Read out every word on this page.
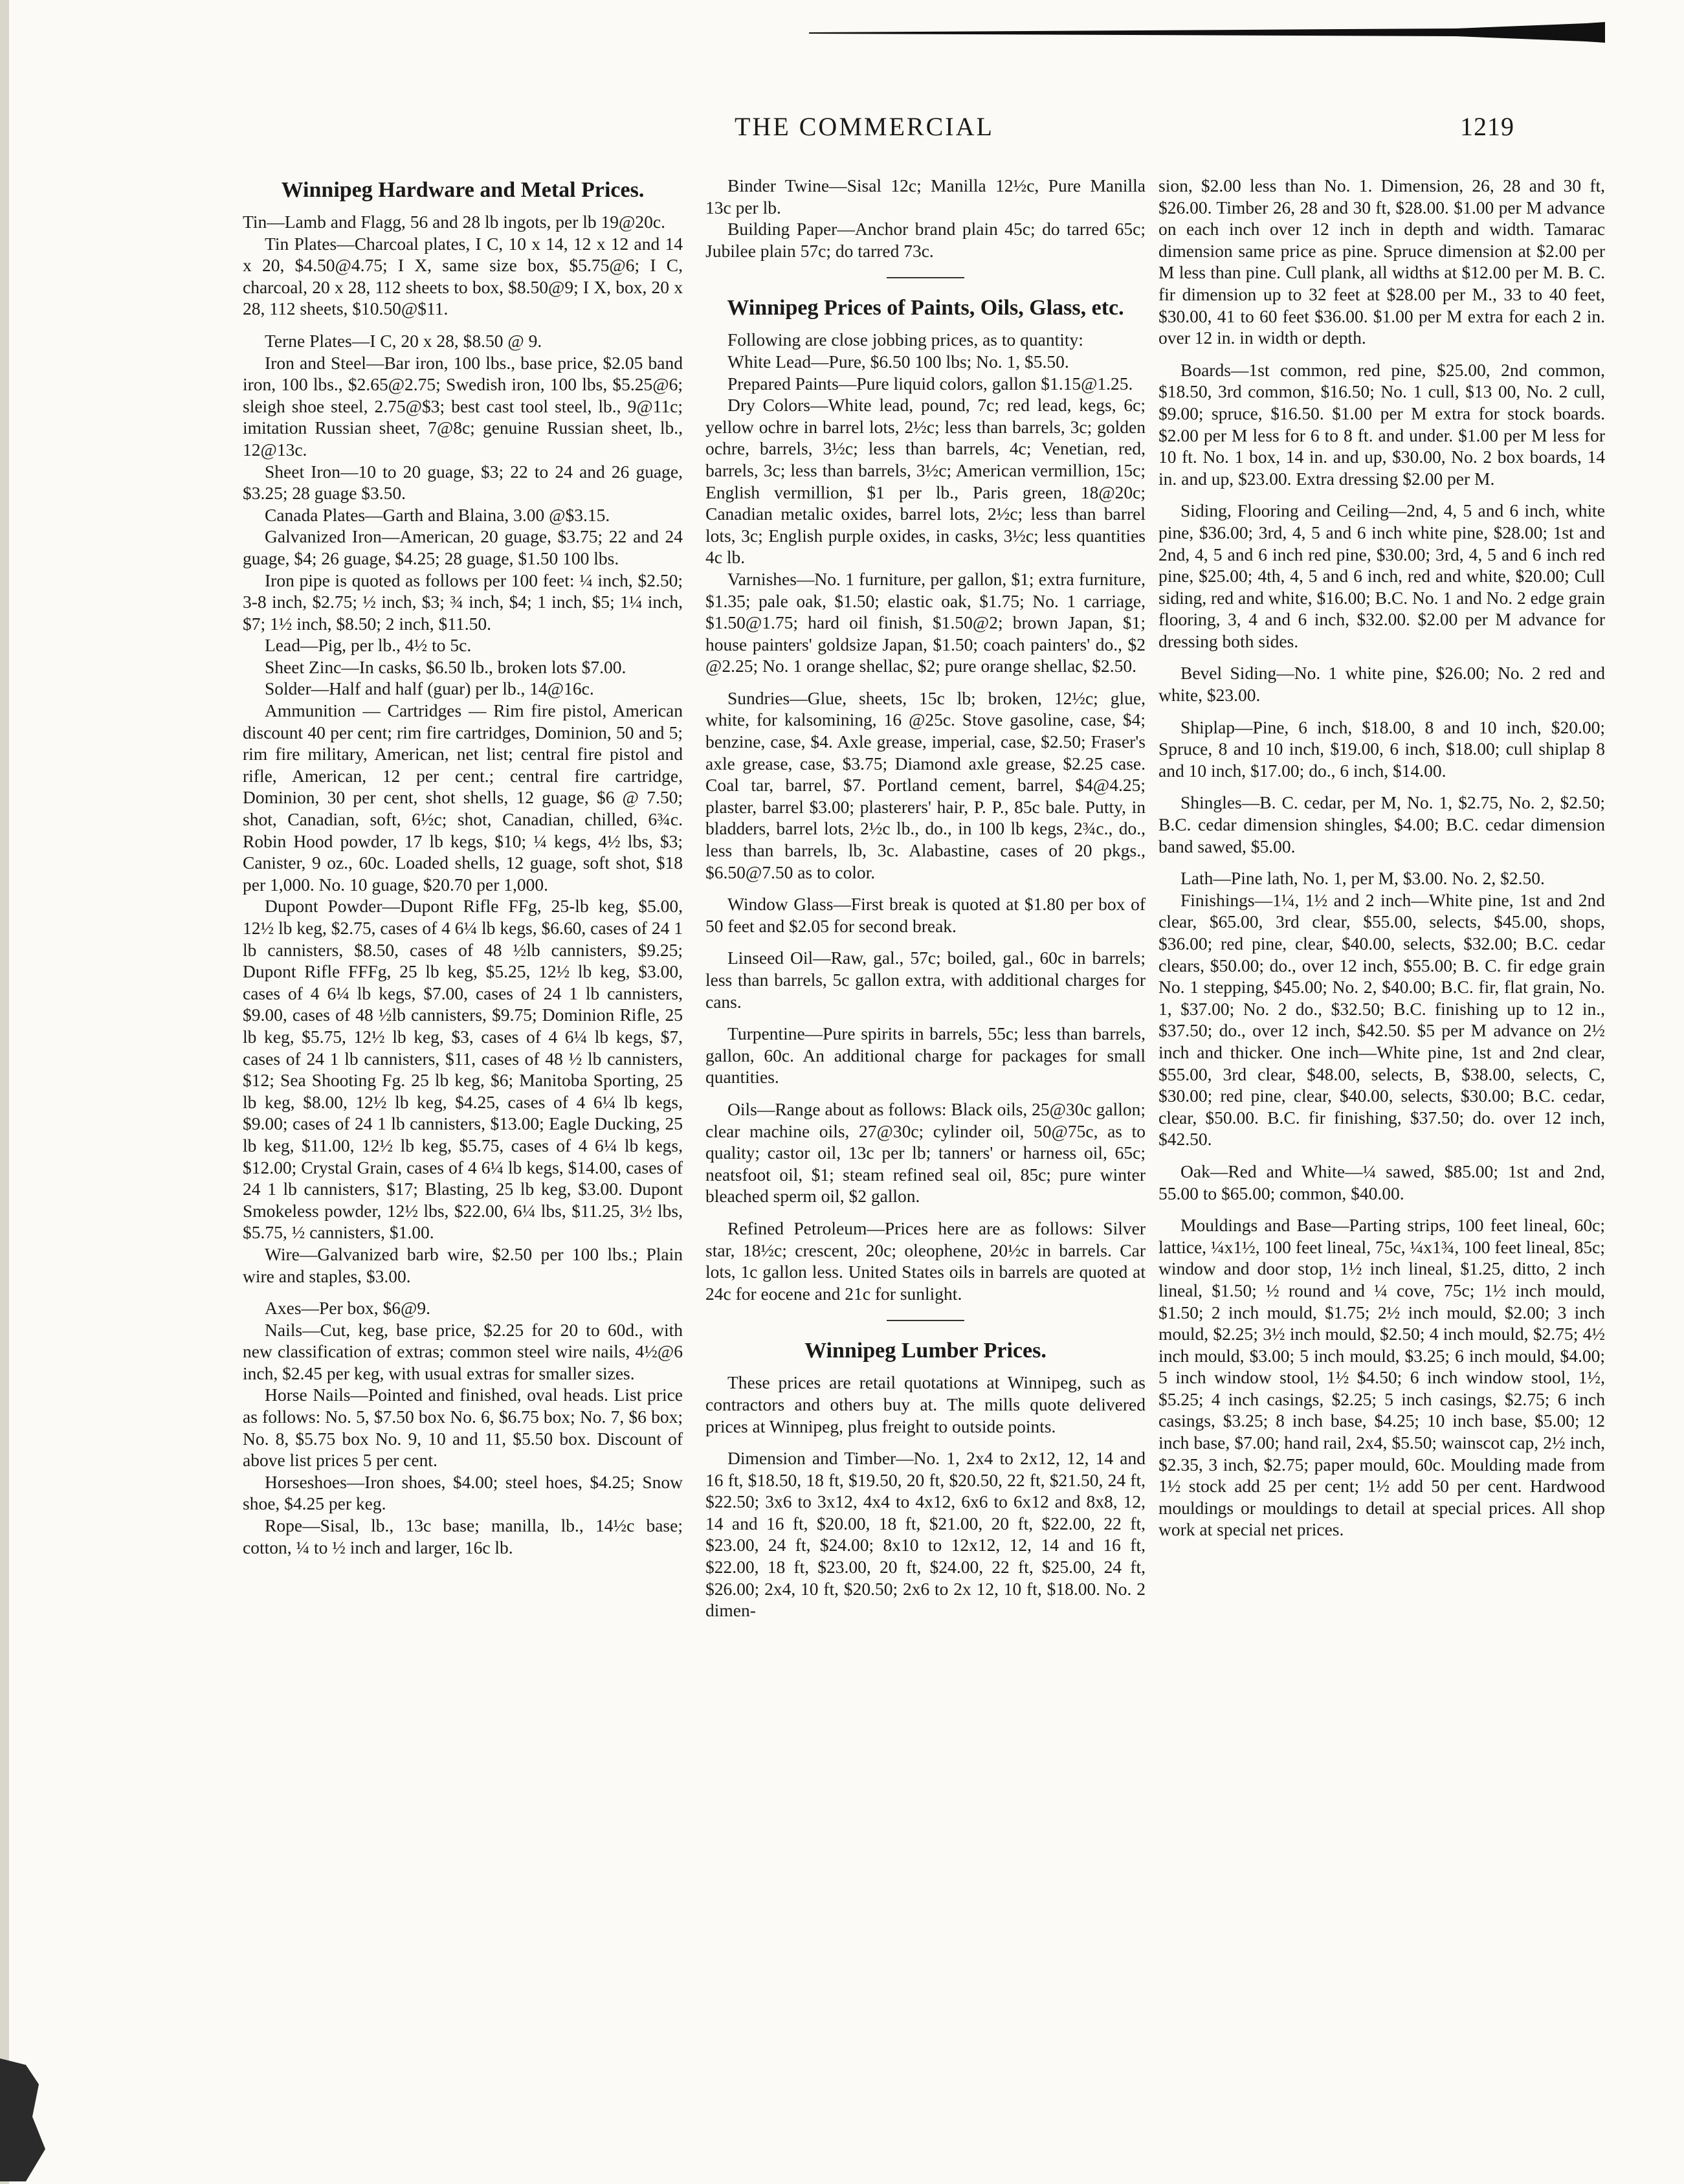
THE COMMERCIAL	1219
Winnipeg Hardware and Metal Prices.

Tin—Lamb and Flagg, 56 and 28 lb ingots, per lb 19@20c.

Tin Plates—Charcoal plates, I C, 10 x 14, 12 x 12 and 14 x 20, $4.50@4.75; I X, same size box, $5.75@6; I C, charcoal, 20 x 28, 112 sheets to box, $8.50@9; I X, box, 20 x 28, 112 sheets, $10.50@$11.

Terne Plates—I C, 20 x 28, $8.50 @ 9.

Iron and Steel—Bar iron, 100 lbs., base price, $2.05 band iron, 100 lbs., $2.65@2.75; Swedish iron, 100 lbs, $5.25@6; sleigh shoe steel, 2.75@$3; best cast tool steel, lb., 9@11c; imitation Russian sheet, 7@8c; genuine Russian sheet, lb., 12@13c.

Sheet Iron—10 to 20 guage, $3; 22 to 24 and 26 guage, $3.25; 28 guage $3.50.

Canada Plates—Garth and Blaina, 3.00 @$3.15.

Galvanized Iron—American, 20 guage, $3.75; 22 and 24 guage, $4; 26 guage, $4.25; 28 guage, $1.50 100 lbs.

Iron pipe is quoted as follows per 100 feet: ¼ inch, $2.50; 3-8 inch, $2.75; ½ inch, $3; ¾ inch, $4; 1 inch, $5; 1¼ inch, $7; 1½ inch, $8.50; 2 inch, $11.50.

Lead—Pig, per lb., 4½ to 5c.

Sheet Zinc—In casks, $6.50 lb., broken lots $7.00.

Solder—Half and half (guar) per lb., 14@16c.

Ammunition — Cartridges — Rim fire pistol, American discount 40 per cent; rim fire cartridges, Dominion, 50 and 5; rim fire military, American, net list; central fire pistol and rifle, American, 12 per cent.; central fire cartridge, Dominion, 30 per cent, shot shells, 12 guage, $6 @ 7.50; shot, Canadian, soft, 6½c; shot, Canadian, chilled, 6¾c. Robin Hood powder, 17 lb kegs, $10; ¼ kegs, 4½ lbs, $3; Canister, 9 oz., 60c. Loaded shells, 12 guage, soft shot, $18 per 1,000. No. 10 guage, $20.70 per 1,000.

Dupont Powder—Dupont Rifle FFg, 25-lb keg, $5.00, 12½ lb keg, $2.75, cases of 4 6¼ lb kegs, $6.60, cases of 24 1 lb cannisters, $8.50, cases of 48 ½lb cannisters, $9.25; Dupont Rifle FFFg, 25 lb keg, $5.25, 12½ lb keg, $3.00, cases of 4 6¼ lb kegs, $7.00, cases of 24 1 lb cannisters, $9.00, cases of 48 ½lb cannisters, $9.75; Dominion Rifle, 25 lb keg, $5.75, 12½ lb keg, $3, cases of 4 6¼ lb kegs, $7, cases of 24 1 lb cannisters, $11, cases of 48 ½ lb cannisters, $12; Sea Shooting Fg. 25 lb keg, $6; Manitoba Sporting, 25 lb keg, $8.00, 12½ lb keg, $4.25, cases of 4 6¼ lb kegs, $9.00; cases of 24 1 lb cannisters, $13.00; Eagle Ducking, 25 lb keg, $11.00, 12½ lb keg, $5.75, cases of 4 6¼ lb kegs, $12.00; Crystal Grain, cases of 4 6¼ lb kegs, $14.00, cases of 24 1 lb cannisters, $17; Blasting, 25 lb keg, $3.00. Dupont Smokeless powder, 12½ lbs, $22.00, 6¼ lbs, $11.25, 3½ lbs, $5.75, ½ cannisters, $1.00.

Wire—Galvanized barb wire, $2.50 per 100 lbs.; Plain wire and staples, $3.00.

Axes—Per box, $6@9.

Nails—Cut, keg, base price, $2.25 for 20 to 60d., with new classification of extras; common steel wire nails, 4½@6 inch, $2.45 per keg, with usual extras for smaller sizes.

Horse Nails—Pointed and finished, oval heads. List price as follows: No. 5, $7.50 box No. 6, $6.75 box; No. 7, $6 box; No. 8, $5.75 box No. 9, 10 and 11, $5.50 box. Discount of above list prices 5 per cent.

Horseshoes—Iron shoes, $4.00; steel hoes, $4.25; Snow shoe, $4.25 per keg.

Rope—Sisal, lb., 13c base; manilla, lb., 14½c base; cotton, ¼ to ½ inch and larger, 16c lb.

Binder Twine—Sisal 12c; Manilla 12½c, Pure Manilla 13c per lb.

Building Paper—Anchor brand plain 45c; do tarred 65c; Jubilee plain 57c; do tarred 73c.

Winnipeg Prices of Paints, Oils, Glass, etc.

Following are close jobbing prices, as to quantity:

White Lead—Pure, $6.50 100 lbs; No. 1, $5.50.

Prepared Paints—Pure liquid colors, gallon $1.15@1.25.

Dry Colors—White lead, pound, 7c; red lead, kegs, 6c; yellow ochre in barrel lots, 2½c; less than barrels, 3c; golden ochre, barrels, 3½c; less than barrels, 4c; Venetian, red, barrels, 3c; less than barrels, 3½c; American vermillion, 15c; English vermillion, $1 per lb., Paris green, 18@20c; Canadian metalic oxides, barrel lots, 2½c; less than barrel lots, 3c; English purple oxides, in casks, 3½c; less quantities 4c lb.

Varnishes—No. 1 furniture, per gallon, $1; extra furniture, $1.35; pale oak, $1.50; elastic oak, $1.75; No. 1 carriage, $1.50@1.75; hard oil finish, $1.50@2; brown Japan, $1; house painters' goldsize Japan, $1.50; coach painters' do., $2 @2.25; No. 1 orange shellac, $2; pure orange shellac, $2.50.

Sundries—Glue, sheets, 15c lb; broken, 12½c; glue, white, for kalsomining, 16 @25c. Stove gasoline, case, $4; benzine, case, $4. Axle grease, imperial, case, $2.50; Fraser's axle grease, case, $3.75; Diamond axle grease, $2.25 case. Coal tar, barrel, $7. Portland cement, barrel, $4@4.25; plaster, barrel $3.00; plasterers' hair, P. P., 85c bale. Putty, in bladders, barrel lots, 2½c lb., do., in 100 lb kegs, 2¾c., do., less than barrels, lb, 3c. Alabastine, cases of 20 pkgs., $6.50@7.50 as to color.

Window Glass—First break is quoted at $1.80 per box of 50 feet and $2.05 for second break.

Linseed Oil—Raw, gal., 57c; boiled, gal., 60c in barrels; less than barrels, 5c gallon extra, with additional charges for cans.

Turpentine—Pure spirits in barrels, 55c; less than barrels, gallon, 60c. An additional charge for packages for small quantities.

Oils—Range about as follows: Black oils, 25@30c gallon; clear machine oils, 27@30c; cylinder oil, 50@75c, as to quality; castor oil, 13c per lb; tanners' or harness oil, 65c; neatsfoot oil, $1; steam refined seal oil, 85c; pure winter bleached sperm oil, $2 gallon.

Refined Petroleum—Prices here are as follows: Silver star, 18½c; crescent, 20c; oleophene, 20½c in barrels. Car lots, 1c gallon less. United States oils in barrels are quoted at 24c for eocene and 21c for sunlight.

Winnipeg Lumber Prices.

These prices are retail quotations at Winnipeg, such as contractors and others buy at. The mills quote delivered prices at Winnipeg, plus freight to outside points.

Dimension and Timber—No. 1, 2x4 to 2x12, 12, 14 and 16 ft, $18.50, 18 ft, $19.50, 20 ft, $20.50, 22 ft, $21.50, 24 ft, $22.50; 3x6 to 3x12, 4x4 to 4x12, 6x6 to 6x12 and 8x8, 12, 14 and 16 ft, $20.00, 18 ft, $21.00, 20 ft, $22.00, 22 ft, $23.00, 24 ft, $24.00; 8x10 to 12x12, 12, 14 and 16 ft, $22.00, 18 ft, $23.00, 20 ft, $24.00, 22 ft, $25.00, 24 ft, $26.00; 2x4, 10 ft, $20.50; 2x6 to 2x 12, 10 ft, $18.00. No. 2 dimen-

sion, $2.00 less than No. 1. Dimension, 26, 28 and 30 ft, $26.00. Timber 26, 28 and 30 ft, $28.00. $1.00 per M advance on each inch over 12 inch in depth and width. Tamarac dimension same price as pine. Spruce dimension at $2.00 per M less than pine. Cull plank, all widths at $12.00 per M. B. C. fir dimension up to 32 feet at $28.00 per M., 33 to 40 feet, $30.00, 41 to 60 feet $36.00. $1.00 per M extra for each 2 in. over 12 in. in width or depth.

Boards—1st common, red pine, $25.00, 2nd common, $18.50, 3rd common, $16.50; No. 1 cull, $13 00, No. 2 cull, $9.00; spruce, $16.50. $1.00 per M extra for stock boards. $2.00 per M less for 6 to 8 ft. and under. $1.00 per M less for 10 ft. No. 1 box, 14 in. and up, $30.00, No. 2 box boards, 14 in. and up, $23.00. Extra dressing $2.00 per M.

Siding, Flooring and Ceiling—2nd, 4, 5 and 6 inch, white pine, $36.00; 3rd, 4, 5 and 6 inch white pine, $28.00; 1st and 2nd, 4, 5 and 6 inch red pine, $30.00; 3rd, 4, 5 and 6 inch red pine, $25.00; 4th, 4, 5 and 6 inch, red and white, $20.00; Cull siding, red and white, $16.00; B.C. No. 1 and No. 2 edge grain flooring, 3, 4 and 6 inch, $32.00. $2.00 per M advance for dressing both sides.

Bevel Siding—No. 1 white pine, $26.00; No. 2 red and white, $23.00.

Shiplap—Pine, 6 inch, $18.00, 8 and 10 inch, $20.00; Spruce, 8 and 10 inch, $19.00, 6 inch, $18.00; cull shiplap 8 and 10 inch, $17.00; do., 6 inch, $14.00.

Shingles—B. C. cedar, per M, No. 1, $2.75, No. 2, $2.50; B.C. cedar dimension shingles, $4.00; B.C. cedar dimension band sawed, $5.00.

Lath—Pine lath, No. 1, per M, $3.00. No. 2, $2.50.

Finishings—1¼, 1½ and 2 inch—White pine, 1st and 2nd clear, $65.00, 3rd clear, $55.00, selects, $45.00, shops, $36.00; red pine, clear, $40.00, selects, $32.00; B.C. cedar clears, $50.00; do., over 12 inch, $55.00; B. C. fir edge grain No. 1 stepping, $45.00; No. 2, $40.00; B.C. fir, flat grain, No. 1, $37.00; No. 2 do., $32.50; B.C. finishing up to 12 in., $37.50; do., over 12 inch, $42.50. $5 per M advance on 2½ inch and thicker. One inch—White pine, 1st and 2nd clear, $55.00, 3rd clear, $48.00, selects, B, $38.00, selects, C, $30.00; red pine, clear, $40.00, selects, $30.00; B.C. cedar, clear, $50.00. B.C. fir finishing, $37.50; do. over 12 inch, $42.50.

Oak—Red and White—¼ sawed, $85.00; 1st and 2nd, 55.00 to $65.00; common, $40.00.

Mouldings and Base—Parting strips, 100 feet lineal, 60c; lattice, ¼x1½, 100 feet lineal, 75c, ¼x1¾, 100 feet lineal, 85c; window and door stop, 1½ inch lineal, $1.25, ditto, 2 inch lineal, $1.50; ½ round and ¼ cove, 75c; 1½ inch mould, $1.50; 2 inch mould, $1.75; 2½ inch mould, $2.00; 3 inch mould, $2.25; 3½ inch mould, $2.50; 4 inch mould, $2.75; 4½ inch mould, $3.00; 5 inch mould, $3.25; 6 inch mould, $4.00; 5 inch window stool, 1½ $4.50; 6 inch window stool, 1½, $5.25; 4 inch casings, $2.25; 5 inch casings, $2.75; 6 inch casings, $3.25; 8 inch base, $4.25; 10 inch base, $5.00; 12 inch base, $7.00; hand rail, 2x4, $5.50; wainscot cap, 2½ inch, $2.35, 3 inch, $2.75; paper mould, 60c. Moulding made from 1½ stock add 25 per cent; 1½ add 50 per cent. Hardwood mouldings or mouldings to detail at special prices. All shop work at special net prices.
